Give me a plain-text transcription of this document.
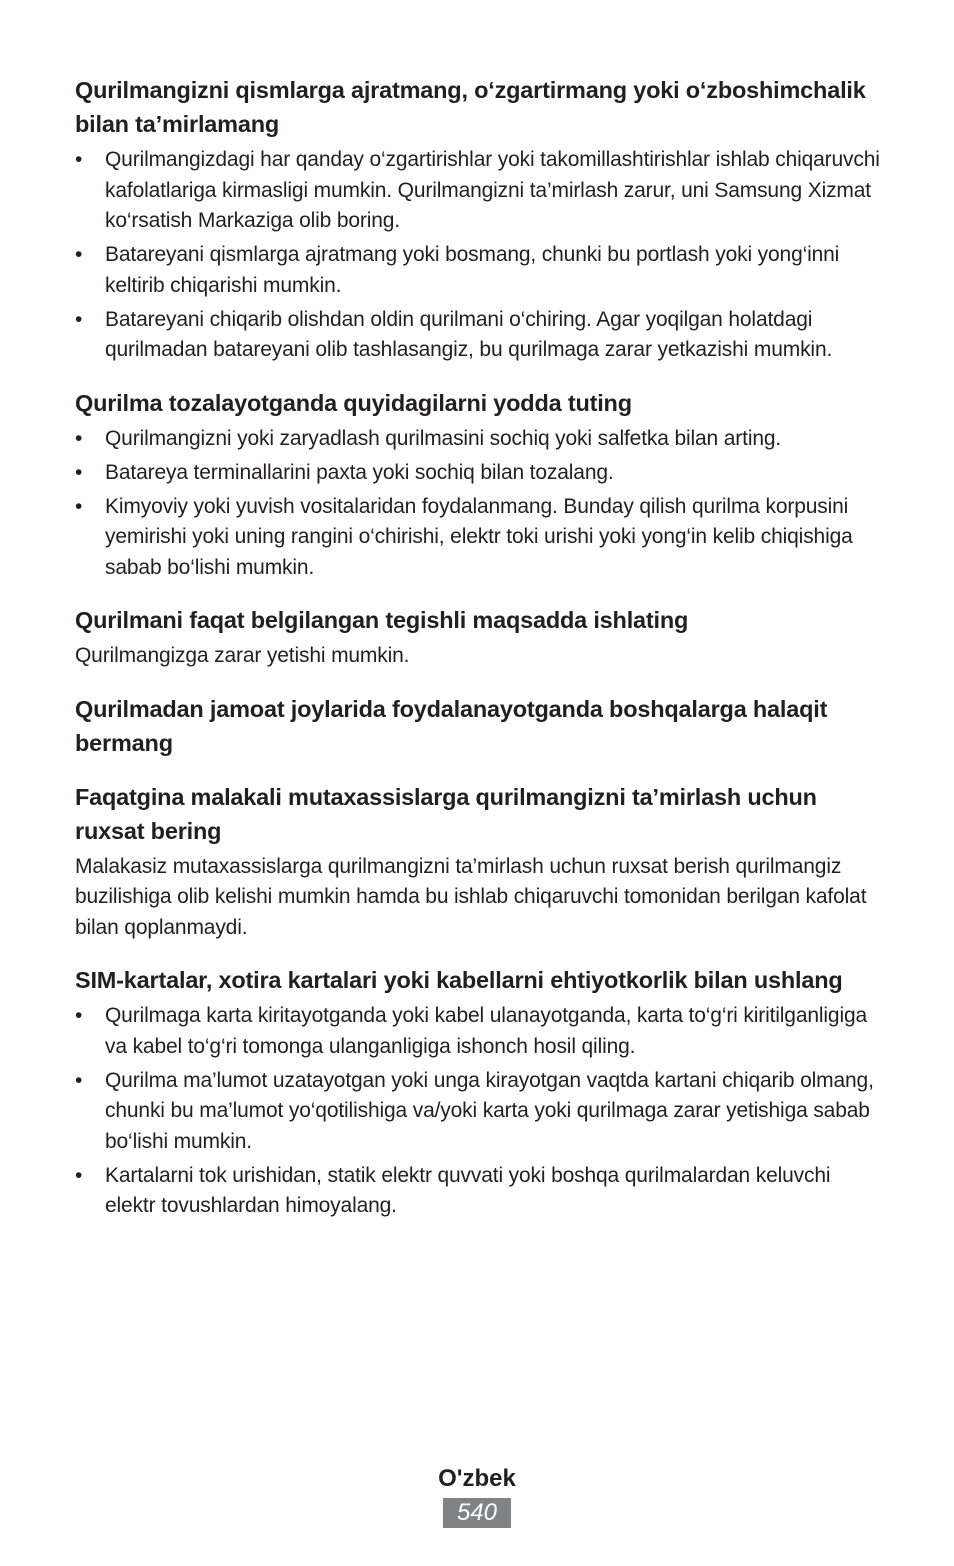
Qurilmangizni qismlarga ajratmang, o‘zgartirmang yoki o‘zboshimchalik bilan ta’mirlamang
•	Qurilmangizdagi har qanday o‘zgartirishlar yoki takomillashtirishlar ishlab chiqaruvchi kafolatlariga kirmasligi mumkin. Qurilmangizni ta’mirlash zarur, uni Samsung Xizmat ko‘rsatish Markaziga olib boring.
•	Batareyani qismlarga ajratmang yoki bosmang, chunki bu portlash yoki yong‘inni keltirib chiqarishi mumkin.
•	Batareyani chiqarib olishdan oldin qurilmani o‘chiring. Agar yoqilgan holatdagi qurilmadan batareyani olib tashlasangiz, bu qurilmaga zarar yetkazishi mumkin.
Qurilma tozalayotganda quyidagilarni yodda tuting
•	Qurilmangizni yoki zaryadlash qurilmasini sochiq yoki salfetka bilan arting.
•	Batareya terminallarini paxta yoki sochiq bilan tozalang.
•	Kimyoviy yoki yuvish vositalaridan foydalanmang. Bunday qilish qurilma korpusini yemirishi yoki uning rangini o‘chirishi, elektr toki urishi yoki yong‘in kelib chiqishiga sabab bo‘lishi mumkin.
Qurilmani faqat belgilangan tegishli maqsadda ishlating

Qurilmangizga zarar yetishi mumkin.

Qurilmadan jamoat joylarida foydalanayotganda boshqalarga halaqit bermang
Faqatgina malakali mutaxassislarga qurilmangizni ta’mirlash uchun ruxsat bering

Malakasiz mutaxassislarga qurilmangizni ta’mirlash uchun ruxsat berish qurilmangiz buzilishiga olib kelishi mumkin hamda bu ishlab chiqaruvchi tomonidan berilgan kafolat bilan qoplanmaydi.

SIM-kartalar, xotira kartalari yoki kabellarni ehtiyotkorlik bilan ushlang
•	Qurilmaga karta kiritayotganda yoki kabel ulanayotganda, karta to‘g‘ri kiritilganligiga va kabel to‘g‘ri tomonga ulanganligiga ishonch hosil qiling.
•	Qurilma ma’lumot uzatayotgan yoki unga kirayotgan vaqtda kartani chiqarib olmang, chunki bu ma’lumot yo‘qotilishiga va/yoki karta yoki qurilmaga zarar yetishiga sabab bo‘lishi mumkin.
•	Kartalarni tok urishidan, statik elektr quvvati yoki boshqa qurilmalardan keluvchi elektr tovushlardan himoyalang.
O'zbek
540
